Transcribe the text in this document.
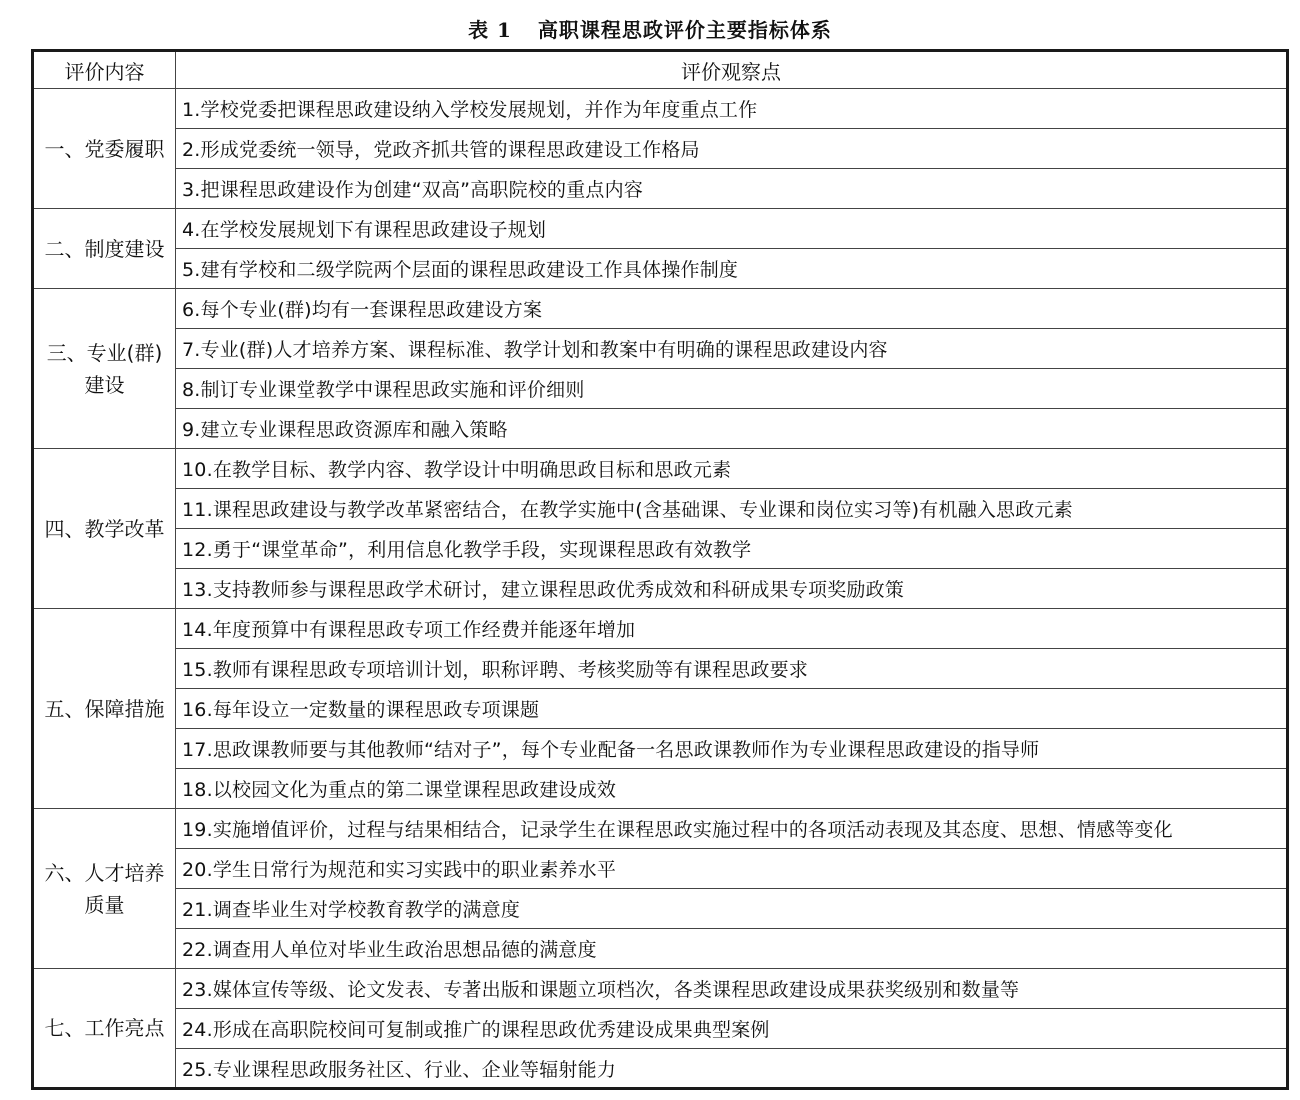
表 1 高职课程思政评价主要指标体系
评价内容	评价观察点
一、党委履职	1.学校党委把课程思政建设纳入学校发展规划，并作为年度重点工作
	2.形成党委统一领导，党政齐抓共管的课程思政建设工作格局
	3.把课程思政建设作为创建“双高”高职院校的重点内容
二、制度建设	4.在学校发展规划下有课程思政建设子规划
	5.建有学校和二级学院两个层面的课程思政建设工作具体操作制度
三、专业(群)建设	6.每个专业(群)均有一套课程思政建设方案
	7.专业(群)人才培养方案、课程标准、教学计划和教案中有明确的课程思政建设内容
	8.制订专业课堂教学中课程思政实施和评价细则
	9.建立专业课程思政资源库和融入策略
四、教学改革	10.在教学目标、教学内容、教学设计中明确思政目标和思政元素
	11.课程思政建设与教学改革紧密结合，在教学实施中(含基础课、专业课和岗位实习等)有机融入思政元素
	12.勇于“课堂革命”，利用信息化教学手段，实现课程思政有效教学
	13.支持教师参与课程思政学术研讨，建立课程思政优秀成效和科研成果专项奖励政策
五、保障措施	14.年度预算中有课程思政专项工作经费并能逐年增加
	15.教师有课程思政专项培训计划，职称评聘、考核奖励等有课程思政要求
	16.每年设立一定数量的课程思政专项课题
	17.思政课教师要与其他教师“结对子”，每个专业配备一名思政课教师作为专业课程思政建设的指导师
	18.以校园文化为重点的第二课堂课程思政建设成效
六、人才培养质量	19.实施增值评价，过程与结果相结合，记录学生在课程思政实施过程中的各项活动表现及其态度、思想、情感等变化
	20.学生日常行为规范和实习实践中的职业素养水平
	21.调查毕业生对学校教育教学的满意度
	22.调查用人单位对毕业生政治思想品德的满意度
七、工作亮点	23.媒体宣传等级、论文发表、专著出版和课题立项档次，各类课程思政建设成果获奖级别和数量等
	24.形成在高职院校间可复制或推广的课程思政优秀建设成果典型案例
	25.专业课程思政服务社区、行业、企业等辐射能力
